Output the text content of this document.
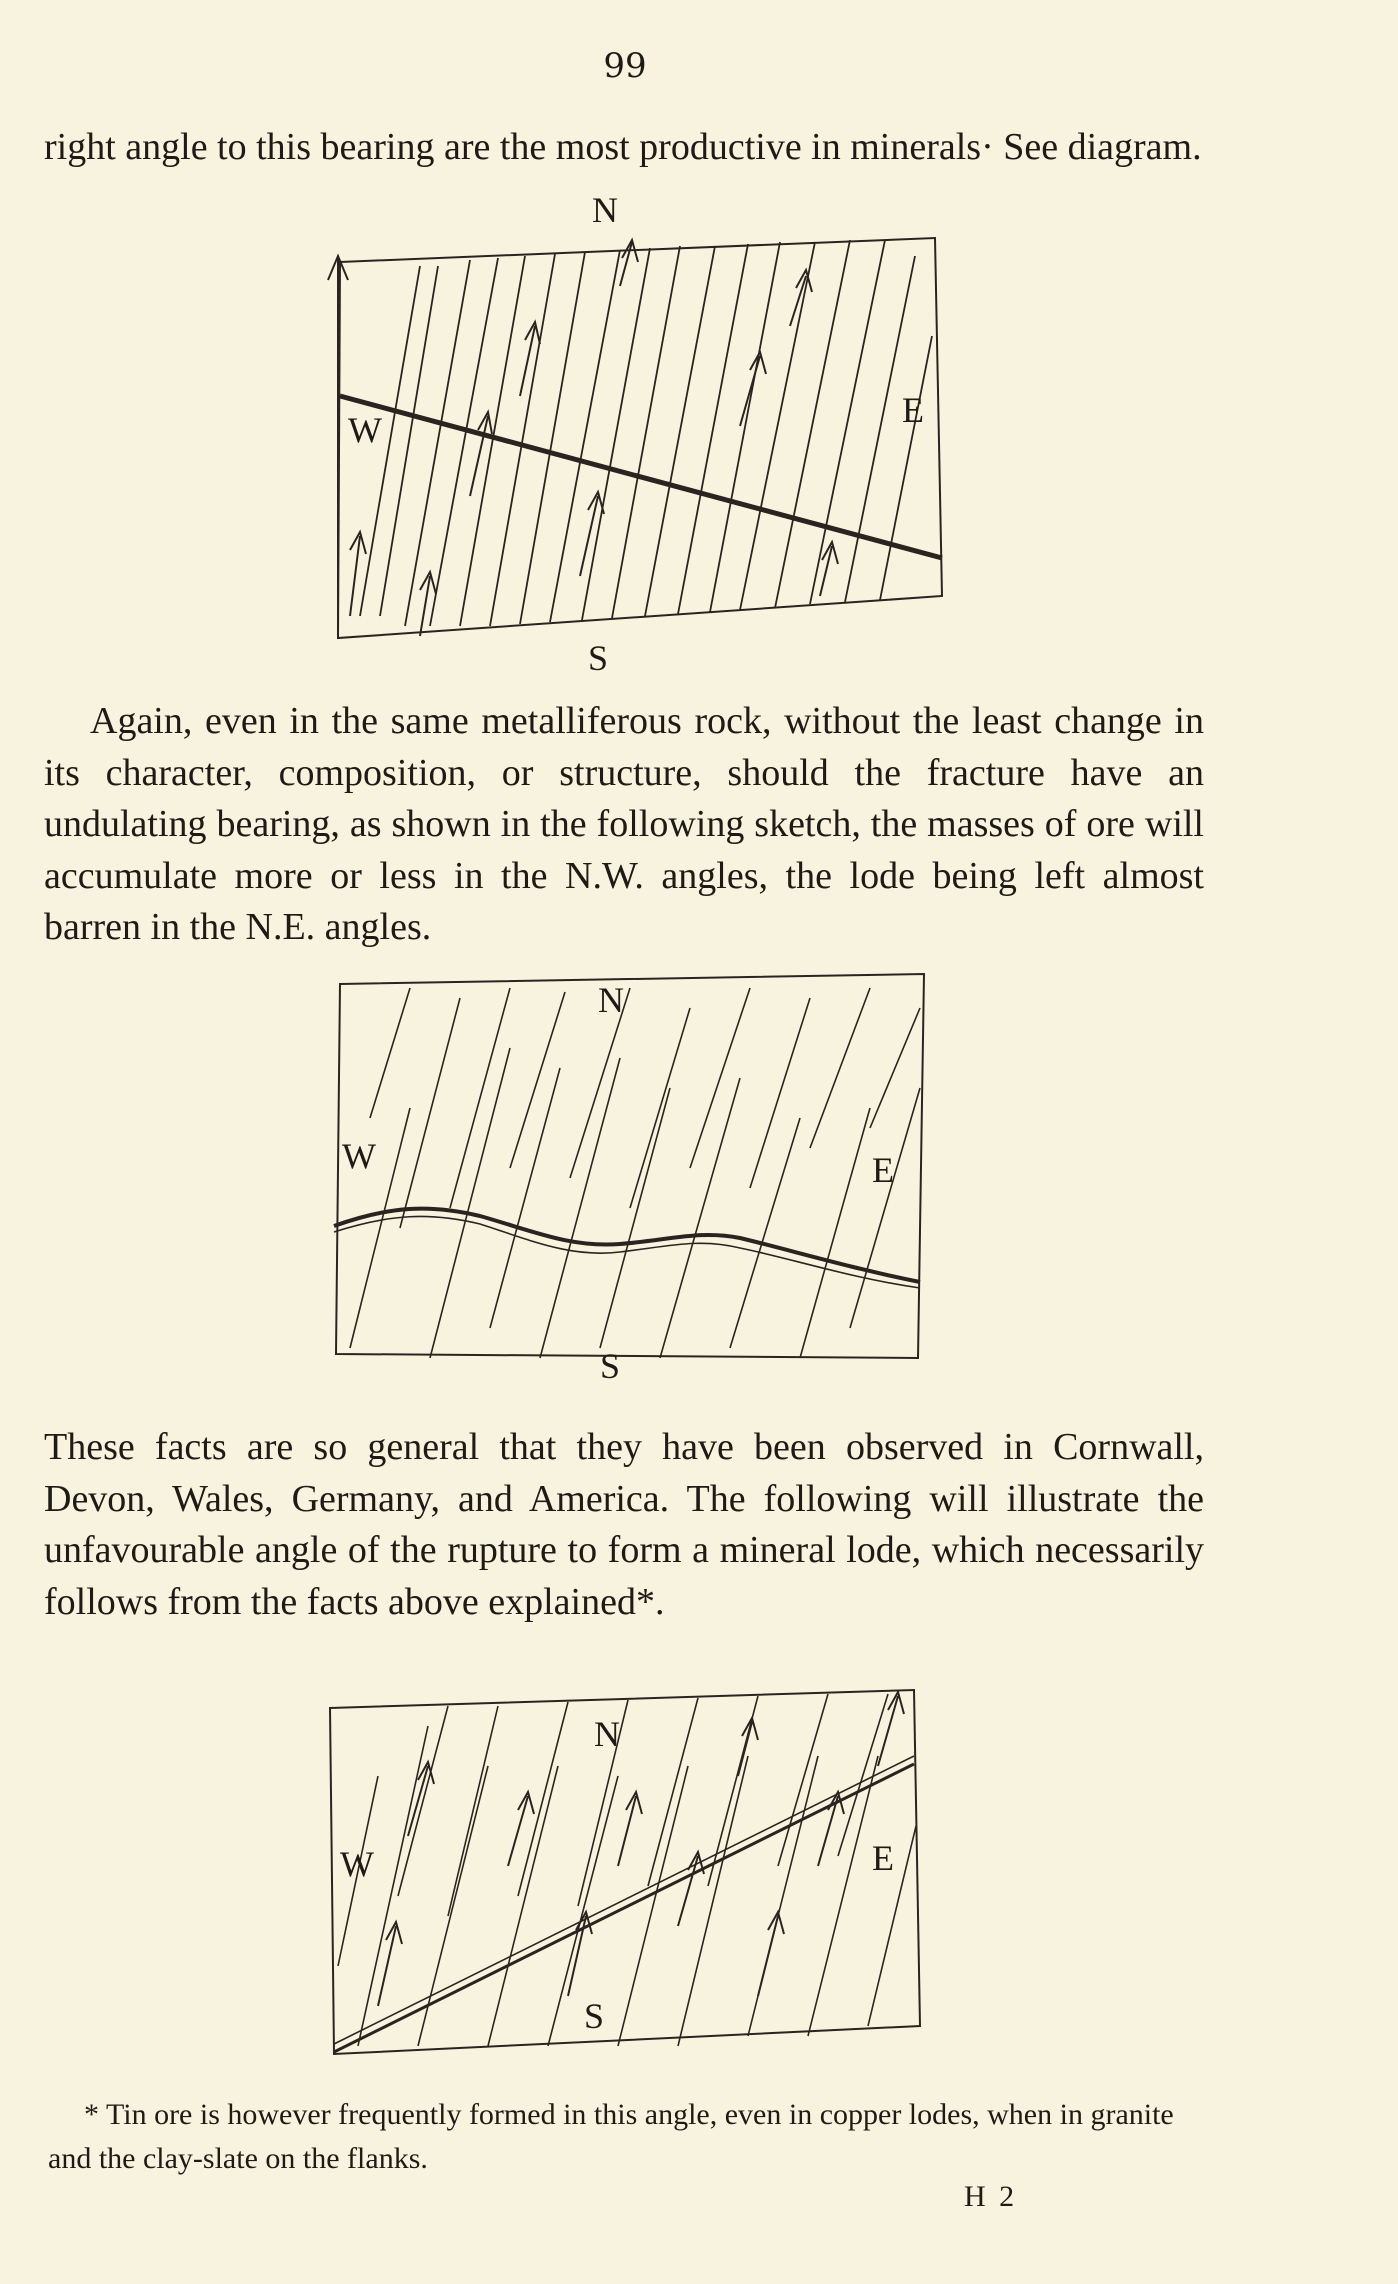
99
right angle to this bearing are the most productive in minerals· See diagram.
N
S
W	E
Again, even in the same metalliferous rock, without the least change in its character, composition, or structure, should the fracture have an undulating bearing, as shown in the following sketch, the masses of ore will accumulate more or less in the N.W. angles, the lode being left almost barren in the N.E. angles.
N
S
W	E
These facts are so general that they have been observed in Cornwall, Devon, Wales, Germany, and America. The following will illustrate the unfavourable angle of the rupture to form a mineral lode, which necessarily follows from the facts above explained*.
N
S
W	E
* Tin ore is however frequently formed in this angle, even in copper lodes, when in granite and the clay-slate on the flanks.
H 2
